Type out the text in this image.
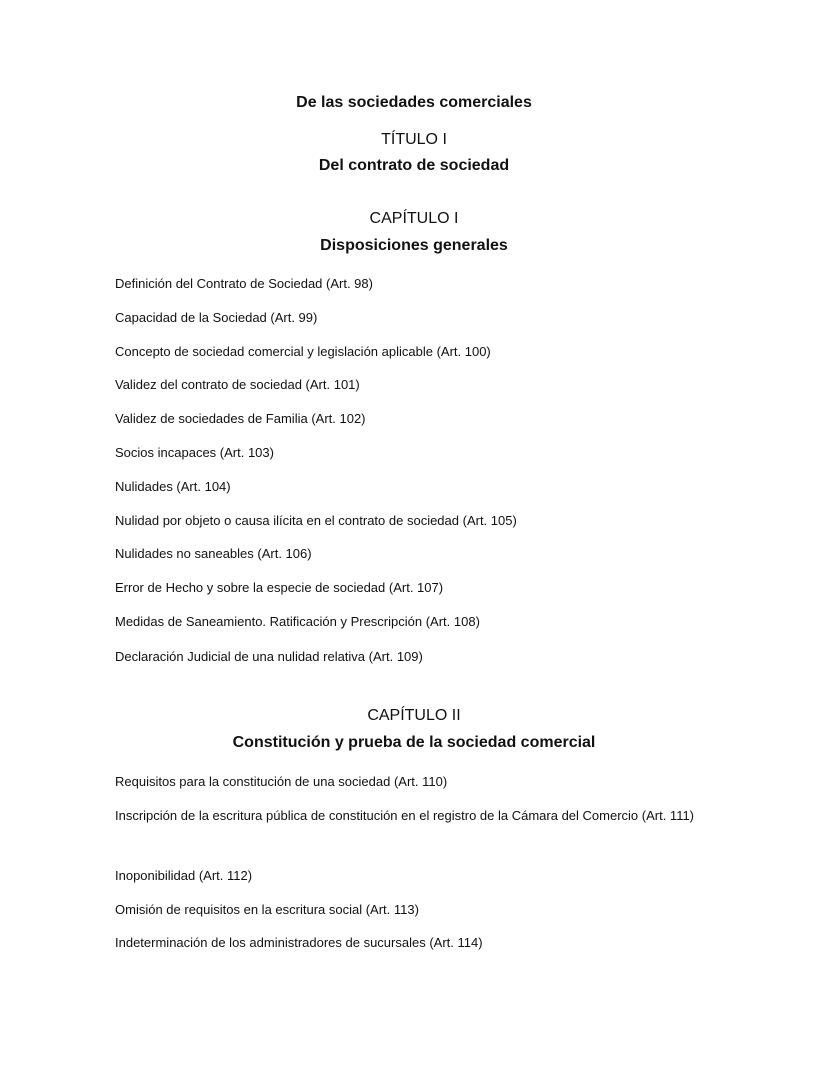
De las sociedades comerciales
TÍTULO I
Del contrato de sociedad
CAPÍTULO I
Disposiciones generales
Definición del Contrato de Sociedad (Art. 98)
Capacidad de la Sociedad (Art. 99)
Concepto de sociedad comercial y legislación aplicable (Art. 100)
Validez del contrato de sociedad (Art. 101)
Validez de sociedades de Familia (Art. 102)
Socios incapaces (Art. 103)
Nulidades (Art. 104)
Nulidad por objeto o causa ilícita en el contrato de sociedad (Art. 105)
Nulidades no saneables (Art. 106)
Error de Hecho y sobre la especie de sociedad (Art. 107)
Medidas de Saneamiento. Ratificación y Prescripción (Art. 108)
Declaración Judicial de una nulidad relativa (Art. 109)
CAPÍTULO II
Constitución y prueba de la sociedad comercial
Requisitos para la constitución de una sociedad (Art. 110)
Inscripción de la escritura pública de constitución en el registro de la Cámara del Comercio (Art. 111)
Inoponibilidad (Art. 112)
Omisión de requisitos en la escritura social (Art. 113)
Indeterminación de los administradores de sucursales (Art. 114)
